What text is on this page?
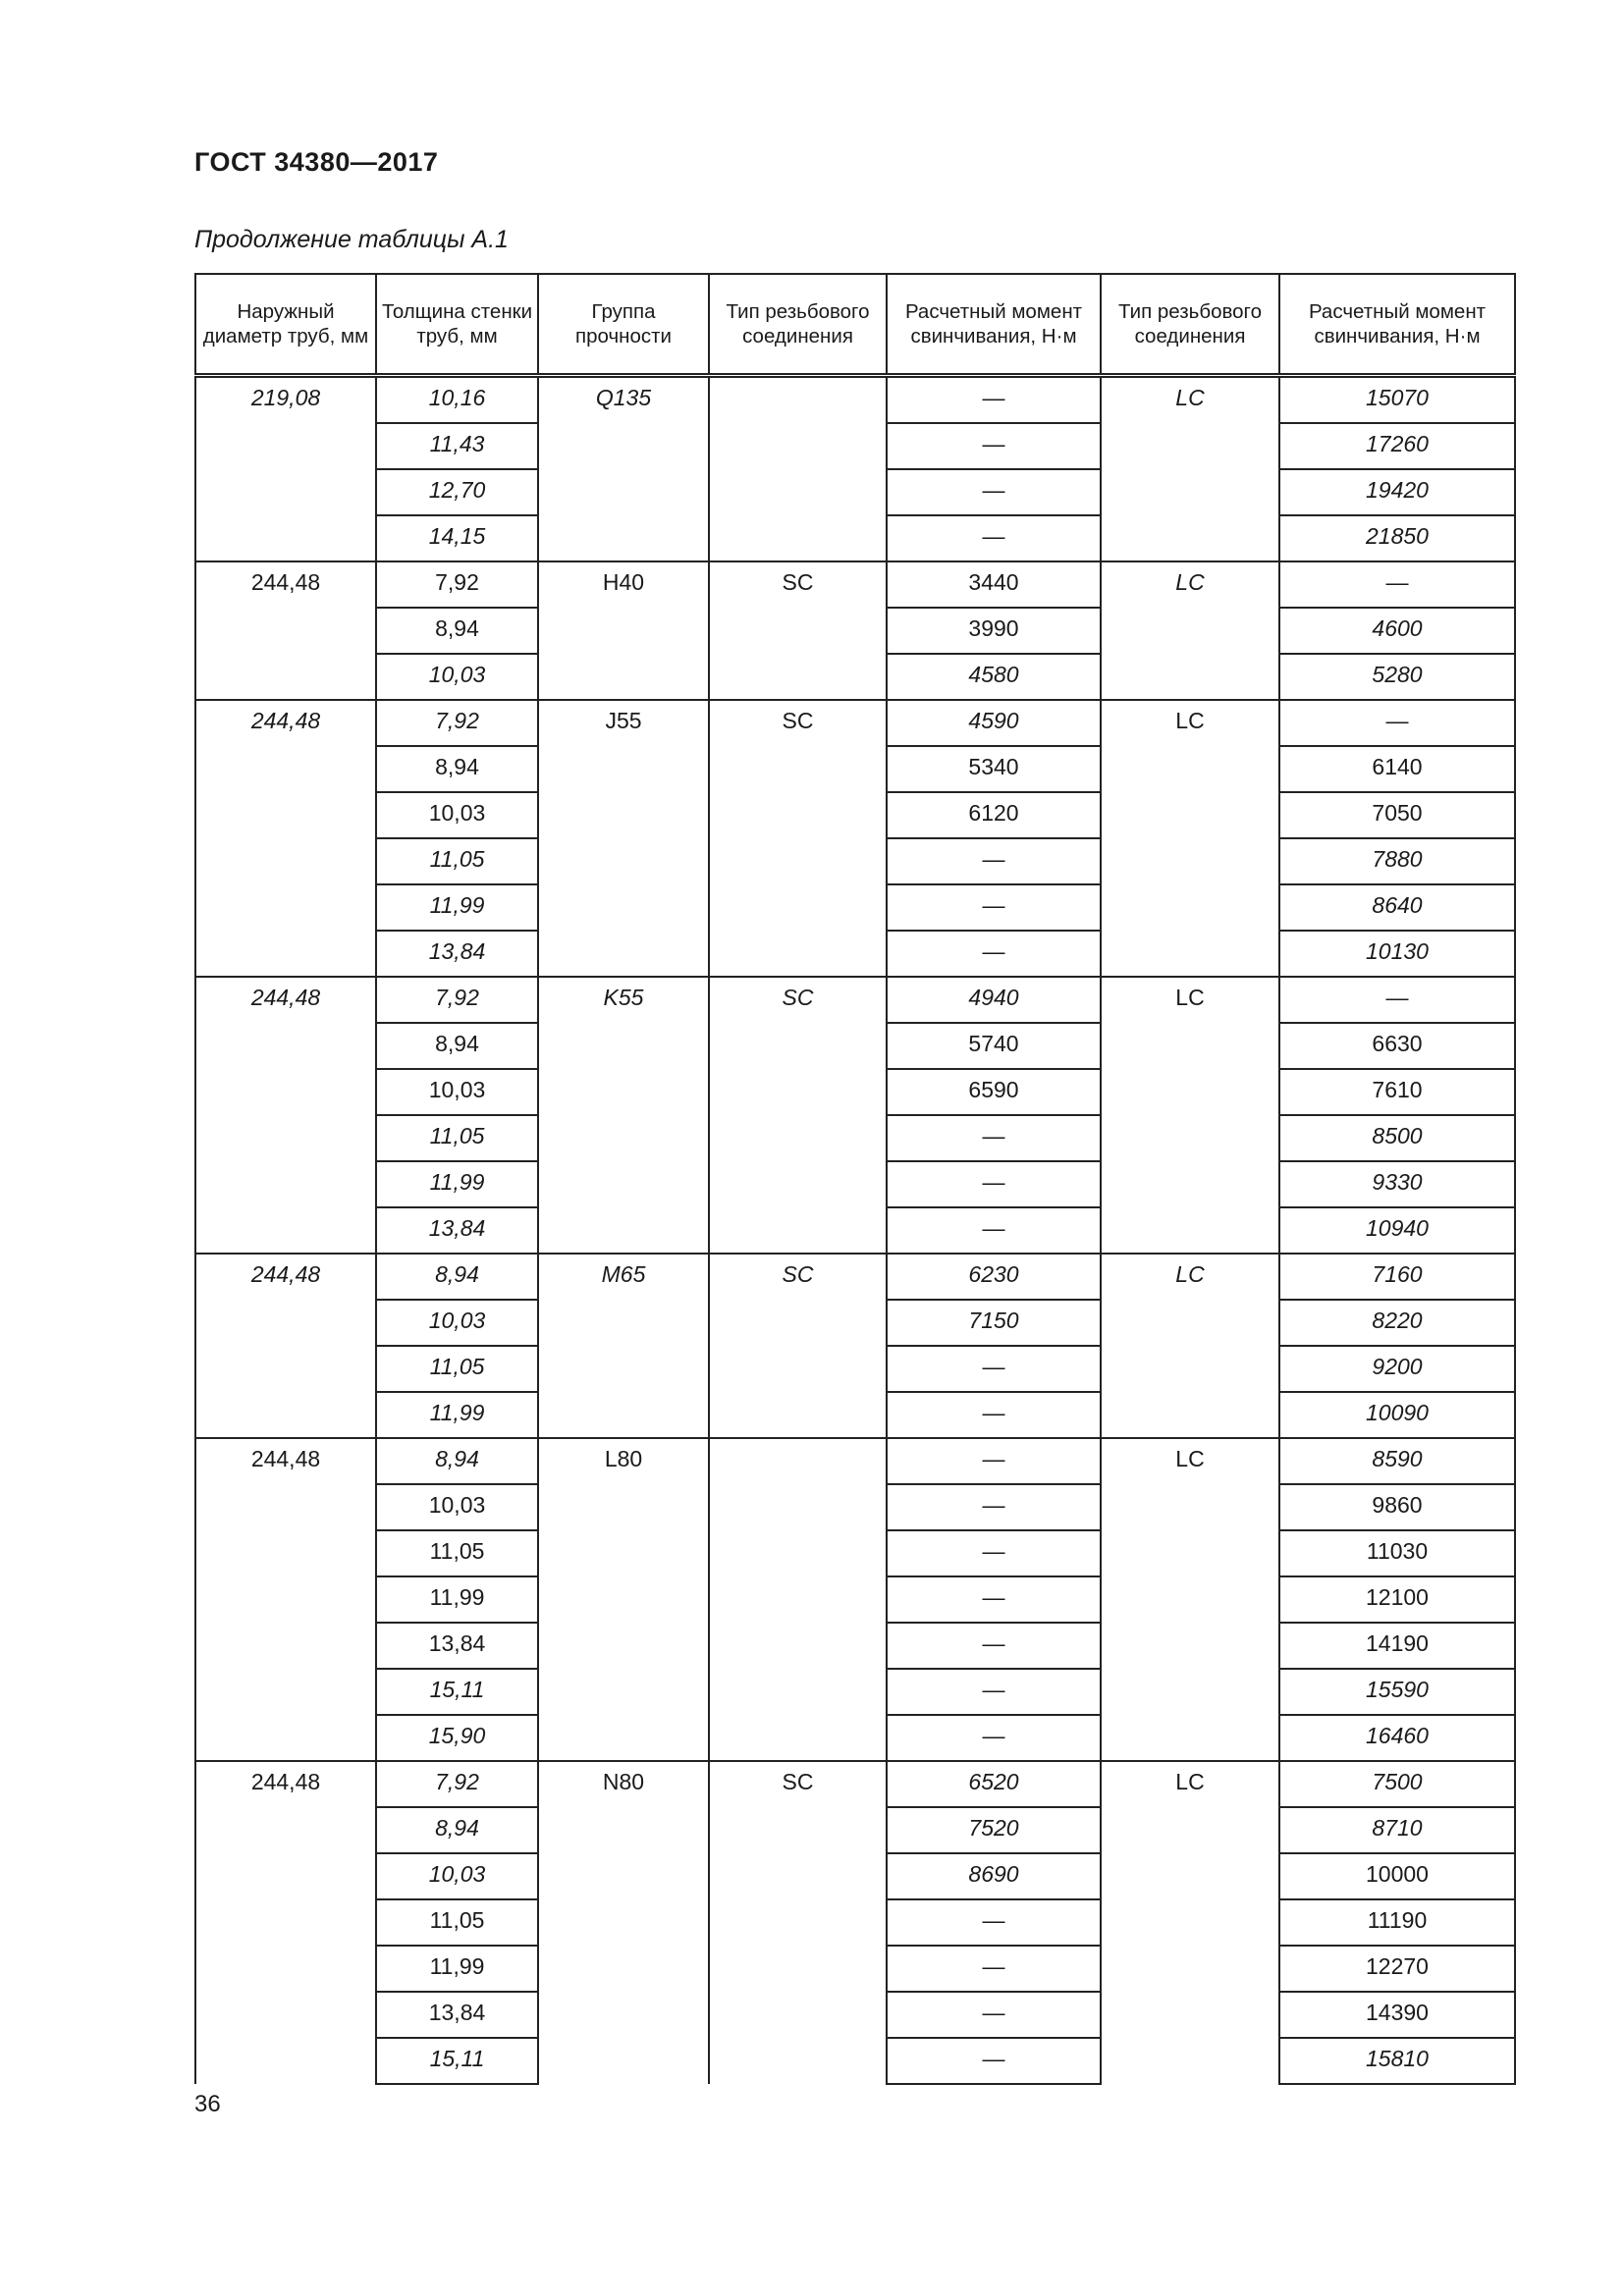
ГОСТ 34380—2017
Продолжение таблицы А.1
Наружный диаметр труб, мм	Толщина стенки труб, мм	Группа прочности	Тип резьбового соединения	Расчетный момент свинчивания, Н·м	Тип резьбового соединения	Расчетный момент свинчивания, Н·м
219,08	10,16	Q135		—	LC	15070
	11,43			—		17260
	12,70			—		19420
	14,15			—		21850
244,48	7,92	H40	SC	3440	LC	—
	8,94			3990		4600
	10,03			4580		5280
244,48	7,92	J55	SC	4590	LC	—
	8,94			5340		6140
	10,03			6120		7050
	11,05			—		7880
	11,99			—		8640
	13,84			—		10130
244,48	7,92	K55	SC	4940	LC	—
	8,94			5740		6630
	10,03			6590		7610
	11,05			—		8500
	11,99			—		9330
	13,84			—		10940
244,48	8,94	M65	SC	6230	LC	7160
	10,03			7150		8220
	11,05			—		9200
	11,99			—		10090
244,48	8,94	L80		—	LC	8590
	10,03			—		9860
	11,05			—		11030
	11,99			—		12100
	13,84			—		14190
	15,11			—		15590
	15,90			—		16460
244,48	7,92	N80	SC	6520	LC	7500
	8,94			7520		8710
	10,03			8690		10000
	11,05			—		11190
	11,99			—		12270
	13,84			—		14390
	15,11			—		15810
36
